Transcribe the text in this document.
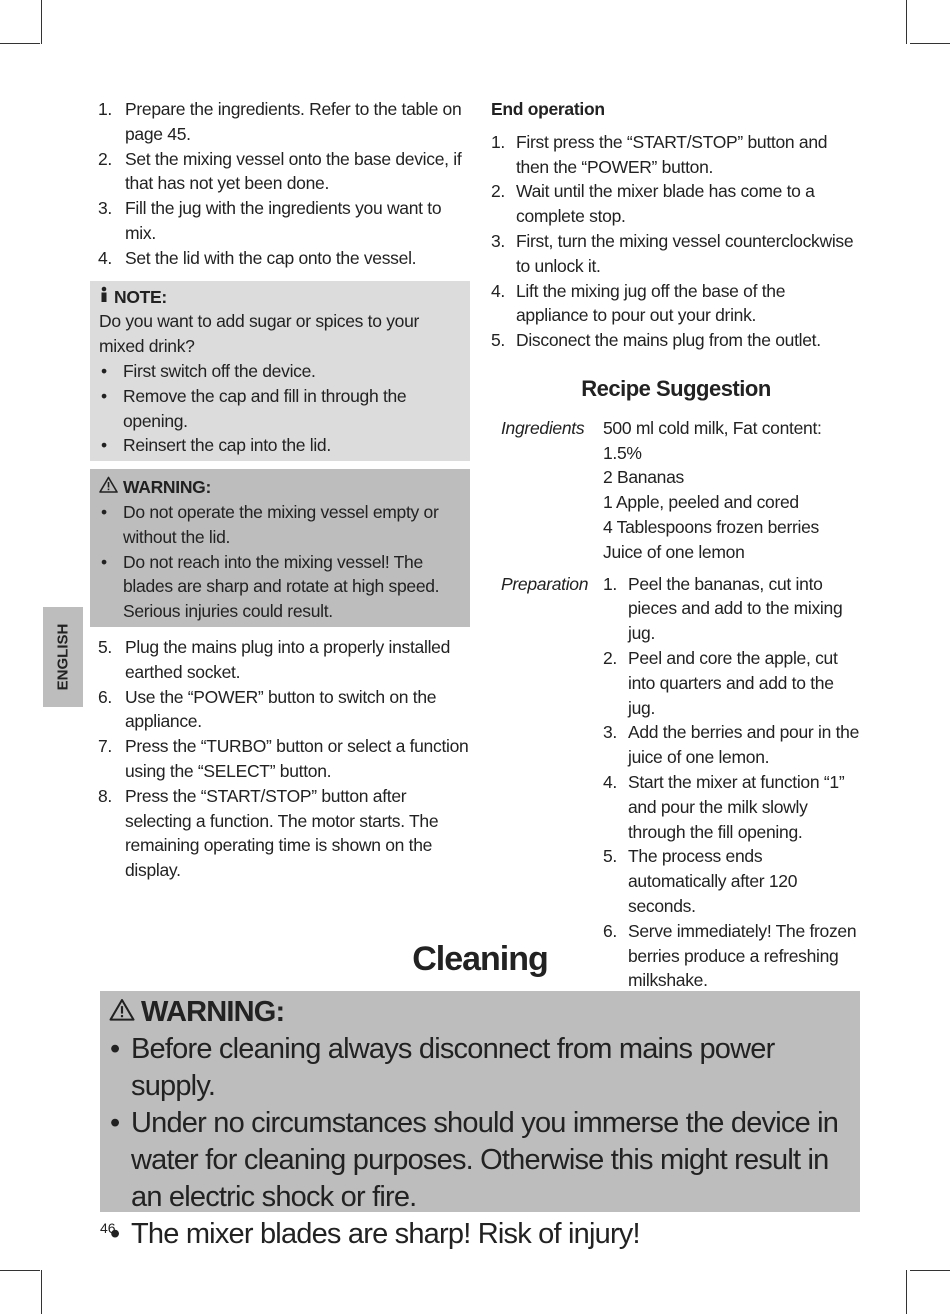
1. Prepare the ingredients. Refer to the table on page 45.
2. Set the mixing vessel onto the base device, if that has not yet been done.
3. Fill the jug with the ingredients you want to mix.
4. Set the lid with the cap onto the vessel.
NOTE:
Do you want to add sugar or spices to your mixed drink?
• First switch off the device.
• Remove the cap and fill in through the opening.
• Reinsert the cap into the lid.
WARNING:
• Do not operate the mixing vessel empty or without the lid.
• Do not reach into the mixing vessel! The blades are sharp and rotate at high speed. Serious injuries could result.
5. Plug the mains plug into a properly installed earthed socket.
6. Use the “POWER” button to switch on the appliance.
7. Press the “TURBO” button or select a function using the “SELECT” button.
8. Press the “START/STOP” button after selecting a function. The motor starts. The remaining operating time is shown on the display.
ENGLISH
End operation
1. First press the “START/STOP” button and then the “POWER” button.
2. Wait until the mixer blade has come to a complete stop.
3. First, turn the mixing vessel counterclockwise to unlock it.
4. Lift the mixing jug off the base of the appliance to pour out your drink.
5. Disconect the mains plug from the outlet.
Recipe Suggestion
Ingredients	500 ml cold milk, Fat content: 1.5%
2 Bananas
1 Apple, peeled and cored
4 Tablespoons frozen berries
Juice of one lemon
Preparation 1. Peel the bananas, cut into pieces and add to the mixing jug.
2. Peel and core the apple, cut into quarters and add to the jug.
3. Add the berries and pour in the juice of one lemon.
4. Start the mixer at function “1” and pour the milk slowly through the fill opening.
5. The process ends automatically after 120 seconds.
6. Serve immediately! The frozen berries produce a refreshing milkshake.
Cleaning
WARNING:
• Before cleaning always disconnect from mains power supply.
• Under no circumstances should you immerse the device in water for cleaning purposes. Otherwise this might result in an electric shock or fire.
• The mixer blades are sharp! Risk of injury!
46
